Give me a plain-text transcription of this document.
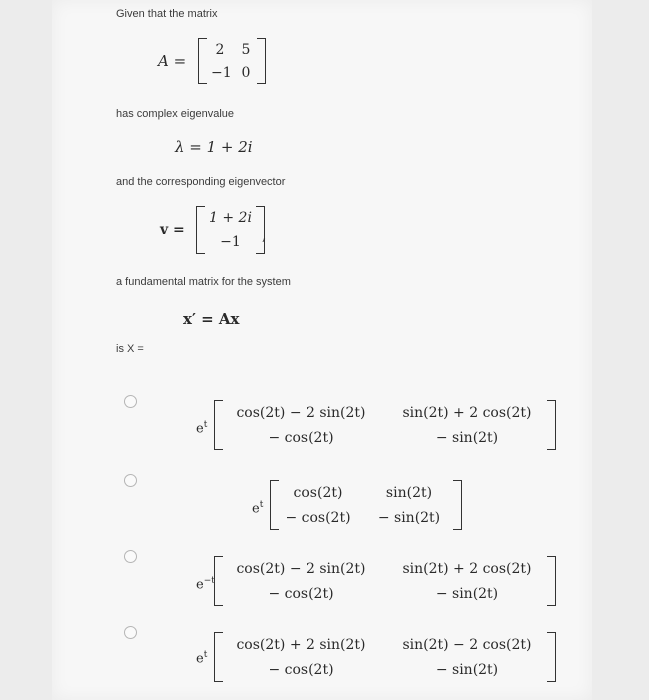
Given that the matrix
A =
2	5
−1 0
has complex eigenvalue
λ = 1 + 2i
and the corresponding eigenvector
v =
1 + 2i
−1 ,
a fundamental matrix for the system
x′ = Ax
is X =
$e^t$
cos(2t) − 2 sin(2t)	sin(2t) + 2 cos(2t)
− cos(2t)	− sin(2t)
$e^t$
cos(2t)	sin(2t)
− cos(2t)	− sin(2t)
$e^{-t}$
cos(2t) − 2 sin(2t)	sin(2t) + 2 cos(2t)
− cos(2t)	− sin(2t)
$e^t$
cos(2t) + 2 sin(2t)	sin(2t) − 2 cos(2t)
− cos(2t)	− sin(2t)
